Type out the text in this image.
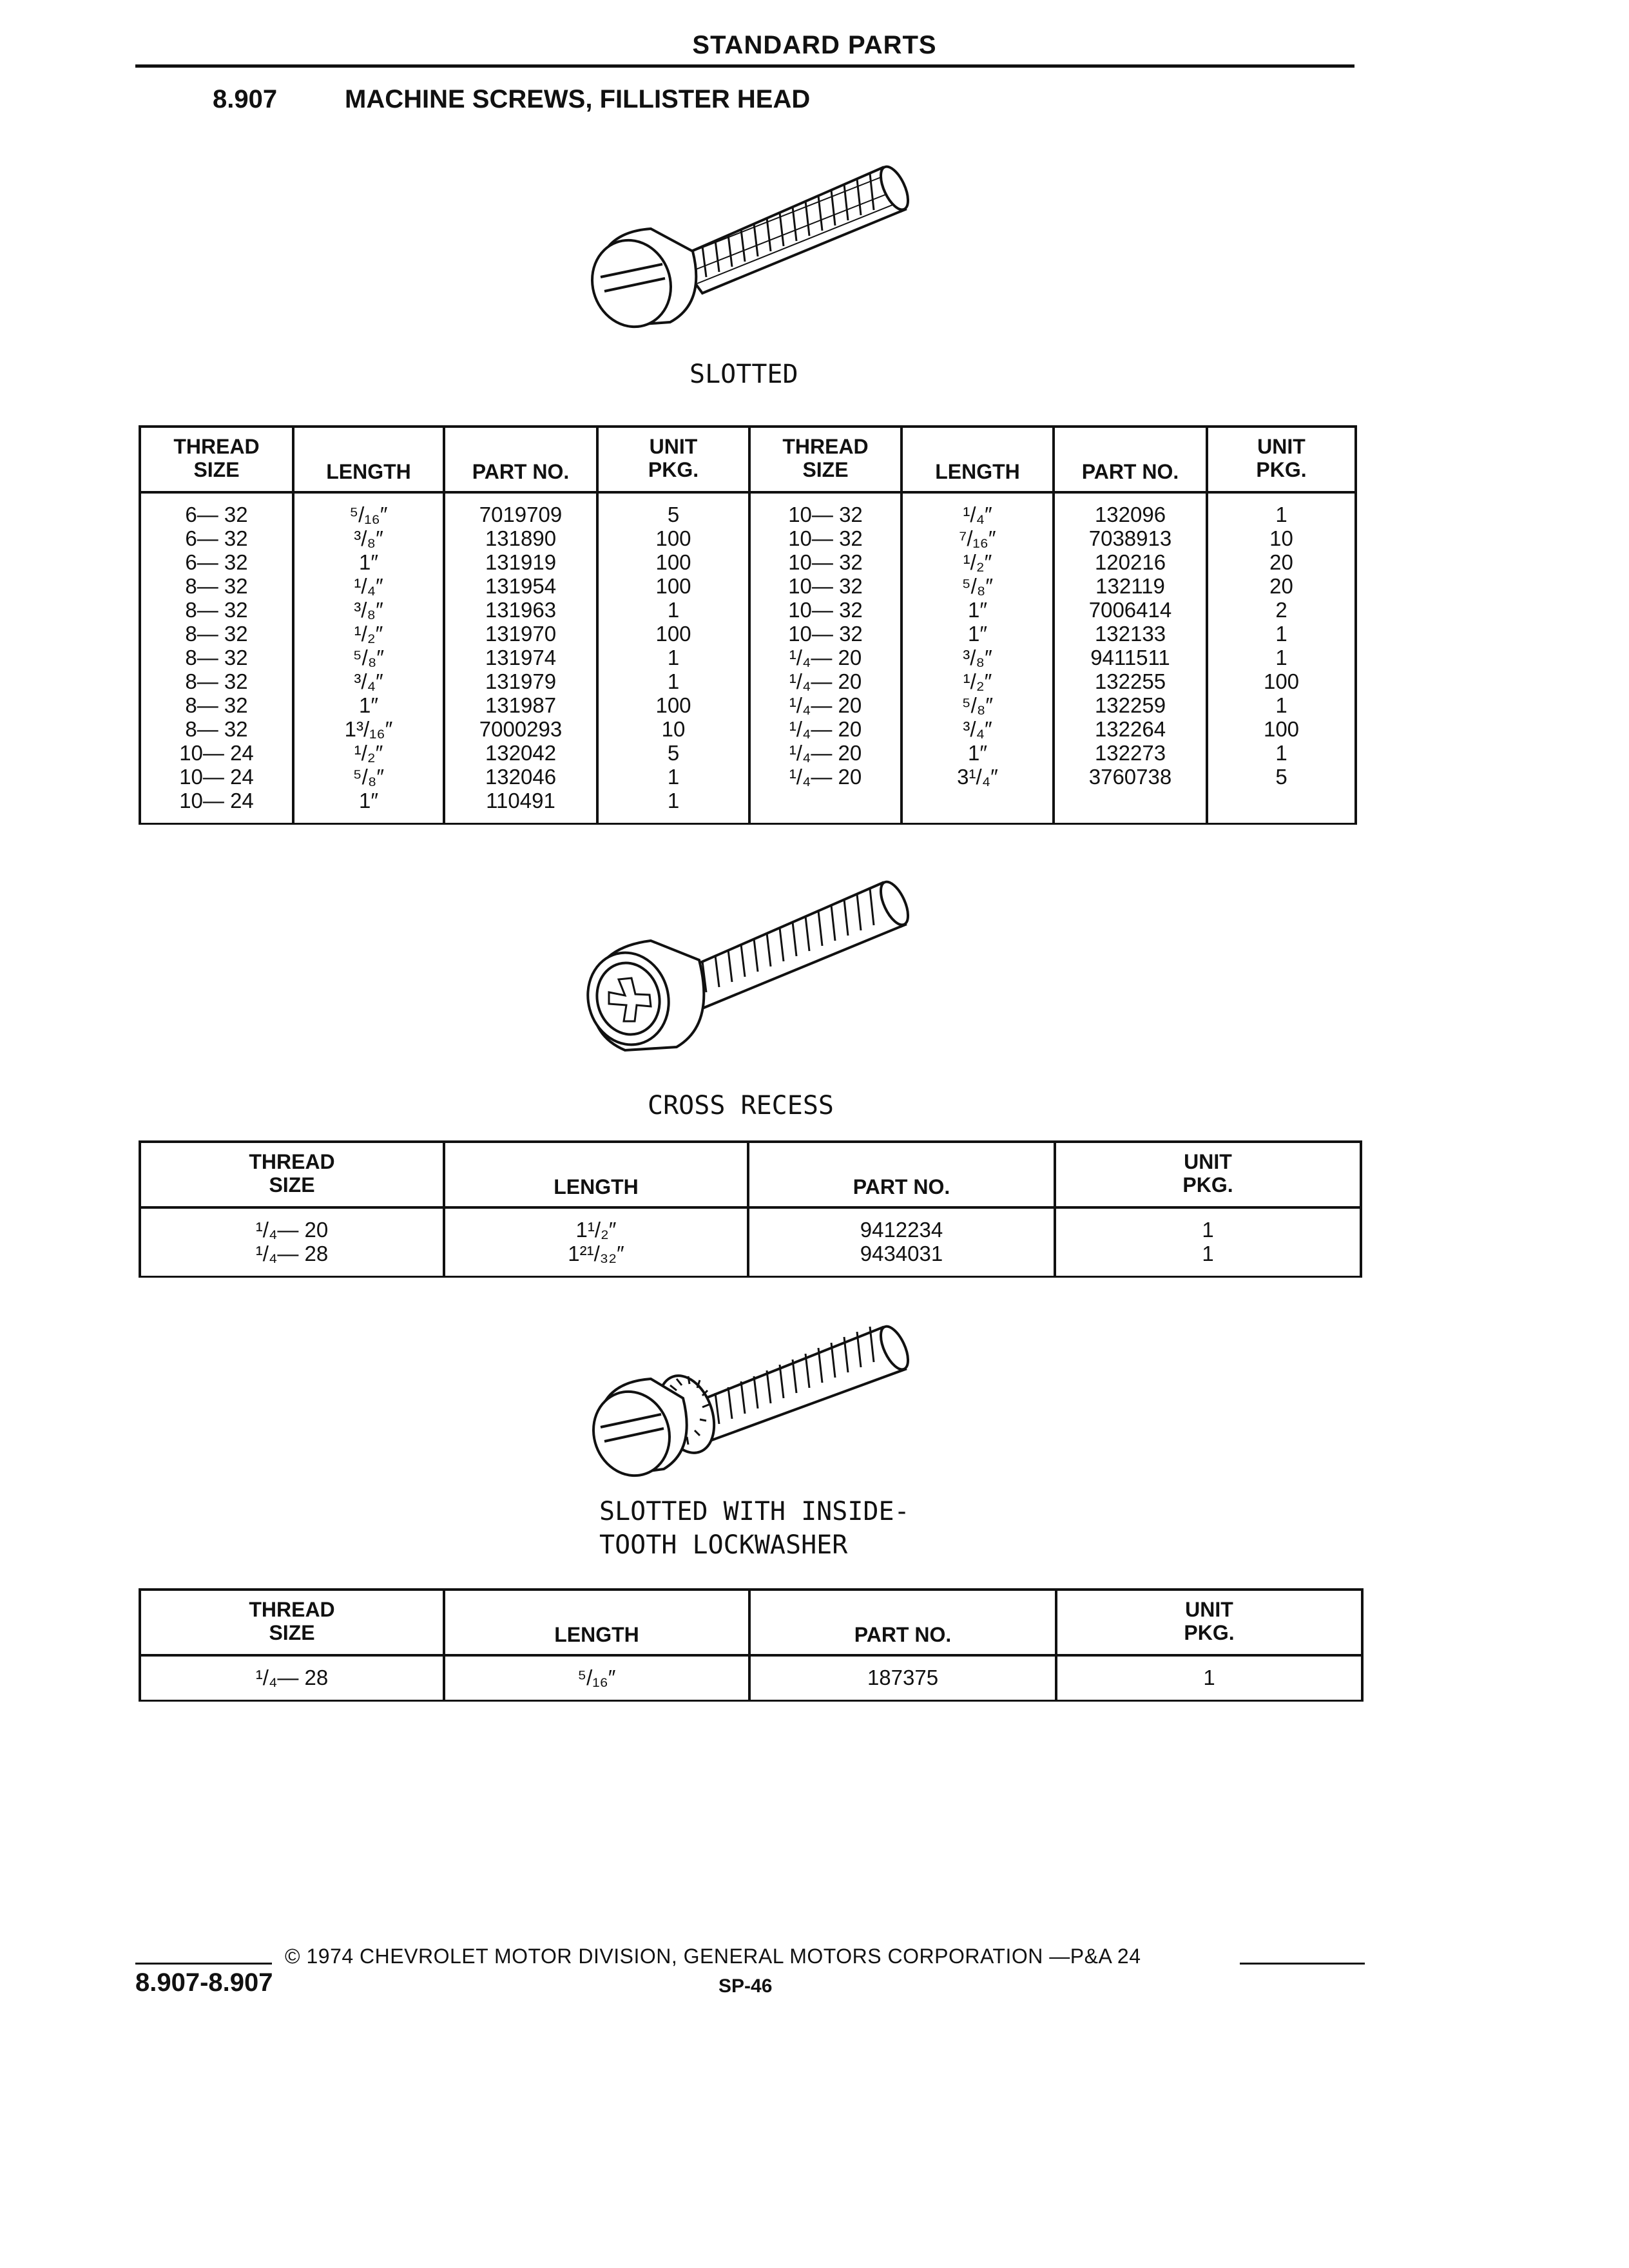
STANDARD PARTS
8.907	MACHINE SCREWS, FILLISTER HEAD
SLOTTED
THREAD
SIZE	LENGTH	PART NO.	UNIT
PKG.	THREAD
SIZE	LENGTH	PART NO.	UNIT
PKG.
6— 32	⁵/₁₆″	7019709	5	10— 32	¹/₄″	132096	1
6— 32	³/₈″	131890	100	10— 32	⁷/₁₆″	7038913	10
6— 32	1″	131919	100	10— 32	¹/₂″	120216	20
8— 32	¹/₄″	131954	100	10— 32	⁵/₈″	132119	20
8— 32	³/₈″	131963	1	10— 32	1″	7006414	2
8— 32	¹/₂″	131970	100	10— 32	1″	132133	1
8— 32	⁵/₈″	131974	1	¹/₄— 20	³/₈″	9411511	1
8— 32	³/₄″	131979	1	¹/₄— 20	¹/₂″	132255	100
8— 32	1″	131987	100	¹/₄— 20	⁵/₈″	132259	1
8— 32	1³/₁₆″	7000293	10	¹/₄— 20	³/₄″	132264	100
10— 24	¹/₂″	132042	5	¹/₄— 20	1″	132273	1
10— 24	⁵/₈″	132046	1	¹/₄— 20	3¹/₄″	3760738	5
10— 24	1″	110491	1				
CROSS RECESS
THREAD
SIZE	LENGTH	PART NO.	UNIT
PKG.
¹/₄— 20	1¹/₂″	9412234	1
¹/₄— 28	1²¹/₃₂″	9434031	1
SLOTTED WITH INSIDE-
TOOTH LOCKWASHER
THREAD
SIZE	LENGTH	PART NO.	UNIT
PKG.
¹/₄— 28	⁵/₁₆″	187375	1
© 1974 CHEVROLET MOTOR DIVISION, GENERAL MOTORS CORPORATION —P&A 24
8.907-8.907	SP-46
